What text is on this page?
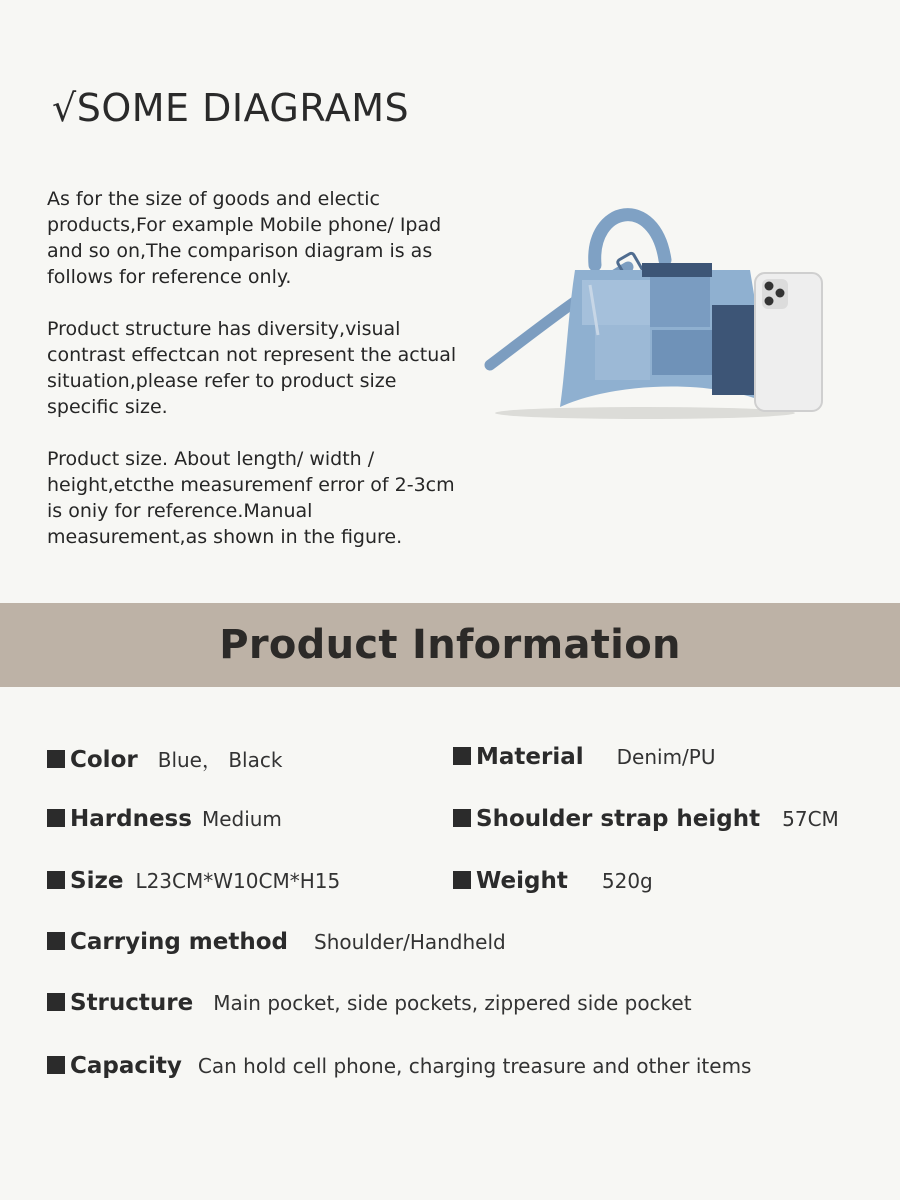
√SOME DIAGRAMS

As for the size of goods and electic products,For example Mobile phone/ Ipad and so on,The comparison diagram is as follows for reference only.

Product structure has diversity,visual contrast effectcan not represent the actual situation,please refer to product size specific size.

Product size. About length/ width / height,etcthe measuremenf error of 2-3cm is oniy for reference.Manual measurement,as shown in the figure.

Product Information
Color Blue， Black	Material Denim/PU
Hardness Medium	Shoulder strap height 57CM
Size L23CM*W10CM*H15	Weight 520g
Carrying method Shoulder/Handheld
Structure Main pocket, side pockets, zippered side pocket
Capacity Can hold cell phone, charging treasure and other items
